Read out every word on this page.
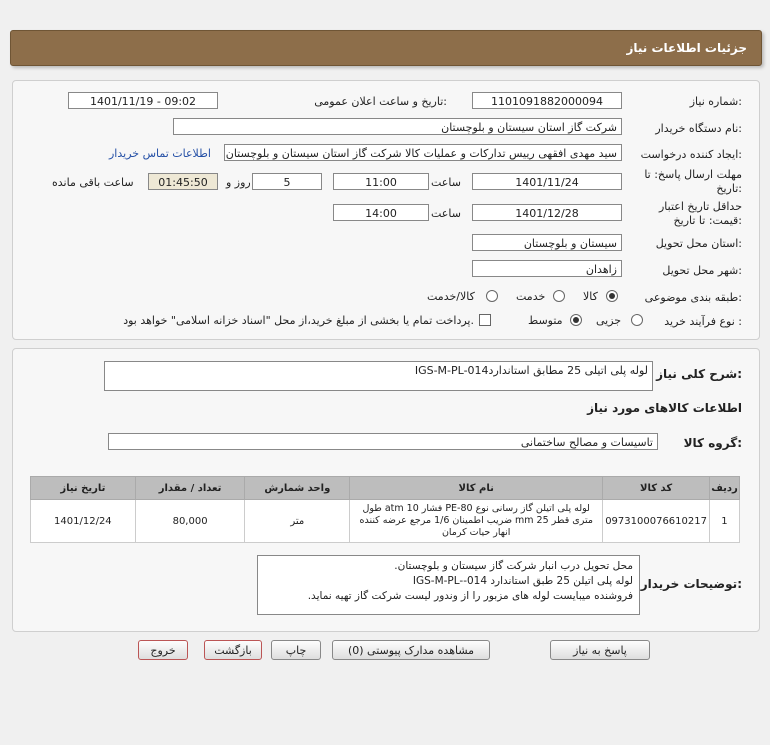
جزئیات اطلاعات نیاز
شماره نیاز:
1101091882000094
تاریخ و ساعت اعلان عمومی:
1401/11/19 - 09:02
نام دستگاه خریدار:
شرکت گاز استان سیستان و بلوچستان
ایجاد کننده درخواست:
سید مهدی افقهی رییس تدارکات و عملیات کالا شرکت گاز استان سیستان و بلوچستان
اطلاعات تماس خریدار
مهلت ارسال پاسخ: تا
تاریخ:
1401/11/24
ساعت
11:00
5
روز و
01:45:50
ساعت باقی مانده
حداقل تاریخ اعتبار
قیمت: تا تاریخ:
1401/12/28
ساعت
14:00
استان محل تحویل:
سیستان و بلوچستان
شهر محل تحویل:
زاهدان
طبقه بندی موضوعی:
کالا
خدمت
کالا/خدمت
نوع فرآیند خرید :
جزیی
متوسط
پرداخت تمام یا بخشی از مبلغ خرید،از محل "اسناد خزانه اسلامی" خواهد بود.
شرح کلی نیاز:
لوله پلی اتیلی 25 مطابق استانداردIGS-M-PL-014
اطلاعات کالاهای مورد نیاز
گروه کالا:
تاسیسات و مصالح ساختمانی
ردیف	کد کالا	نام کالا	واحد شمارش	تعداد / مقدار	تاریخ نیاز
1	0973100076610217	لوله پلی اتیلن گاز رسانی نوع PE-80 فشار atm 10 طول متری قطر mm 25 ضریب اطمینان 1/6 مرجع عرضه کننده انهار حیات کرمان	متر	80,000	1401/12/24
توضیحات خریدار:
محل تحویل درب انبار شرکت گاز سیستان و بلوچستان.
لوله پلی اتیلن 25 طبق استاندارد IGS-M-PL--014
فروشنده میبایست لوله های مزبور را از وندور لیست شرکت گاز تهیه نماید.
پاسخ به نیاز
مشاهده مدارک پیوستی (0)
چاپ
بازگشت
خروج
